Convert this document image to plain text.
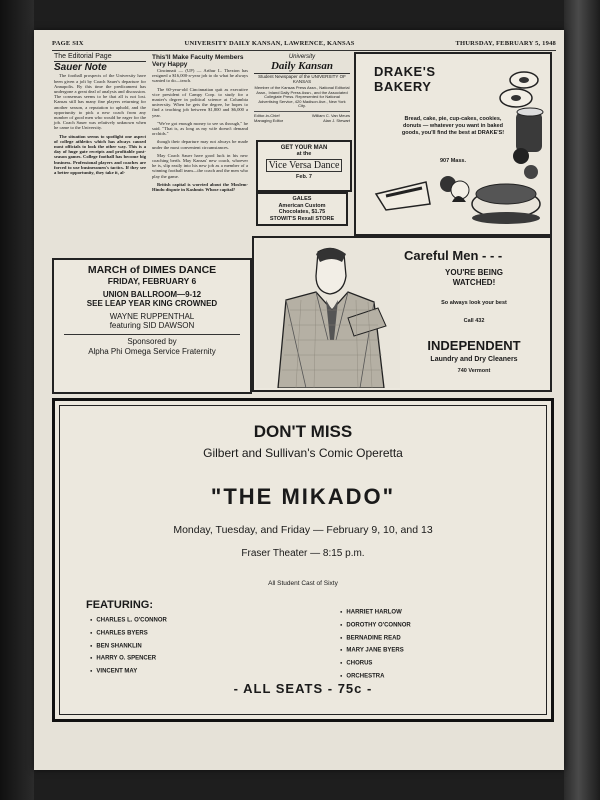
PAGE SIX	UNIVERSITY DAILY KANSAN, LAWRENCE, KANSAS	THURSDAY, FEBRUARY 5, 1948
The Editorial Page
Sauer Note

The football prospects of the University have been given a jolt by Coach Sauer's departure for Annapolis. By this time the predicament has undergone a great deal of analysis and discussion. The consensus seems to be that all is not lost. Kansas still has many fine players returning for another season, a reputation to uphold, and the opportunity to pick a new coach from any number of good men who would be eager for the job. Coach Sauer was relatively unknown when he came to the University.

The situation seems to spotlight one aspect of college athletics which has always caused most officials to look the other way. This is a day of huge gate receipts and profitable post-season games. College football has become big business. Professional players and coaches are forced to use businessmen's tactics. If they see a better opportunity, they take it, al-

This'll Make Faculty Members Very Happy

Cincinnati — (UP) — Arthur L. Thexton has resigned a $16,000-a-year job to do what he always wanted to do—teach.

The 60-year-old Cincinnatian quit as executive vice president of Campy Corp. to study for a master's degree in political science at Columbia university. When he gets the degree, he hopes to find a teaching job between $1,800 and $6,000 a year.

"We've got enough money to see us through," he said. "That is, as long as my wife doesn't demand orchids."

though their departure may not always be made under the most convenient circumstances.

May Coach Sauer have good luck in his new coaching berth. May Kansas' new coach, whoever he is, slip easily into his new job as a member of a winning football team—the coach and the men who play the game.

British capital is worried about the Moslem-Hindu dispute in Kashmir. Whose capital?

University
Daily Kansan
Student Newspaper of the UNIVERSITY OF KANSAS
Member of the Kansas Press Assn., National Editorial Assn., Inland Daily Press Assn., and the Associated Collegiate Press. Represented for National Advertising Service, 420 Madison Ave., New York City.
Editor-in-Chief	William C. Van Meurs
Managing Editor	Alan J. Stewart
GET YOUR MAN
at the
Vice Versa Dance
Feb. 7
GALES
American Custom
Chocolates, $1.75
STOWIT'S Rexall STORE
DRAKE'S
BAKERY
Bread, cake, pie, cup-cakes, cookies, donuts — whatever you want in baked goods, you'll find the best at DRAKE'S!
907 Mass.
MARCH of DIMES DANCE
FRIDAY, FEBRUARY 6
UNION BALLROOM—9-12
SEE LEAP YEAR KING CROWNED
WAYNE RUPPENTHAL
featuring SID DAWSON
Sponsored by
Alpha Phi Omega Service Fraternity
Careful Men - - -
YOU'RE BEING
WATCHED!
So always look your best
Call 432
INDEPENDENT
Laundry and Dry Cleaners
740 Vermont
DON'T MISS
Gilbert and Sullivan's Comic Operetta
"THE MIKADO"
Monday, Tuesday, and Friday — February 9, 10, and 13
Fraser Theater — 8:15 p.m.
All Student Cast of Sixty
FEATURING:
● CHARLES L. O'CONNOR
● CHARLES BYERS
● BEN SHANKLIN
● HARRY O. SPENCER
● VINCENT MAY
● HARRIET HARLOW
● DOROTHY O'CONNOR
● BERNADINE READ
● MARY JANE BYERS
● CHORUS
● ORCHESTRA
- ALL SEATS - 75c -
